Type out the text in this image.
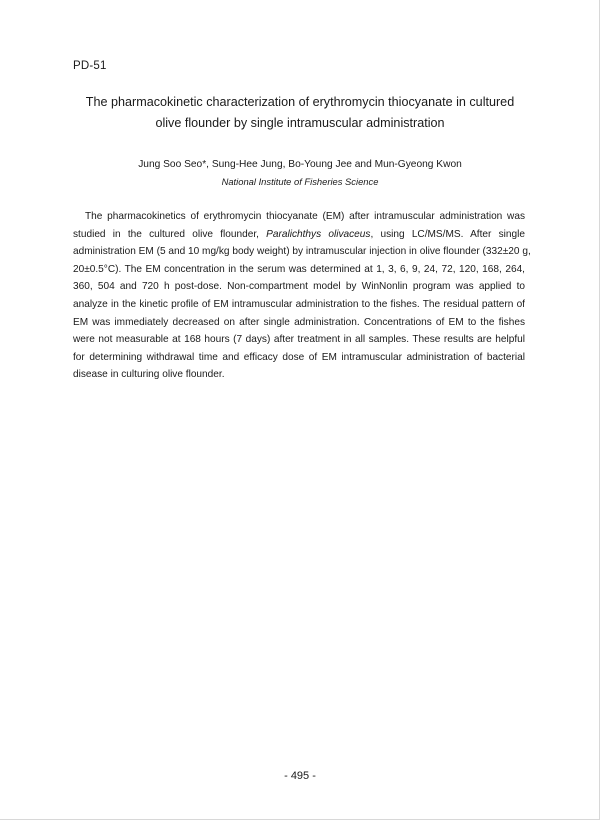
PD-51
The pharmacokinetic characterization of erythromycin thiocyanate in cultured
olive flounder by single intramuscular administration
Jung Soo Seo*, Sung-Hee Jung, Bo-Young Jee and Mun-Gyeong Kwon
National Institute of Fisheries Science
The pharmacokinetics of erythromycin thiocyanate (EM) after intramuscular administration was
studied in the cultured olive flounder, Paralichthys olivaceus, using LC/MS/MS. After single
administration EM (5 and 10 mg/kg body weight) by intramuscular injection in olive flounder (332±20 g,
20±0.5°C). The EM concentration in the serum was determined at 1, 3, 6, 9, 24, 72, 120, 168, 264,
360, 504 and 720 h post-dose. Non-compartment model by WinNonlin program was applied to
analyze in the kinetic profile of EM intramuscular administration to the fishes. The residual pattern of
EM was immediately decreased on after single administration. Concentrations of EM to the fishes
were not measurable at 168 hours (7 days) after treatment in all samples. These results are helpful
for determining withdrawal time and efficacy dose of EM intramuscular administration of bacterial
disease in culturing olive flounder.
- 495 -
